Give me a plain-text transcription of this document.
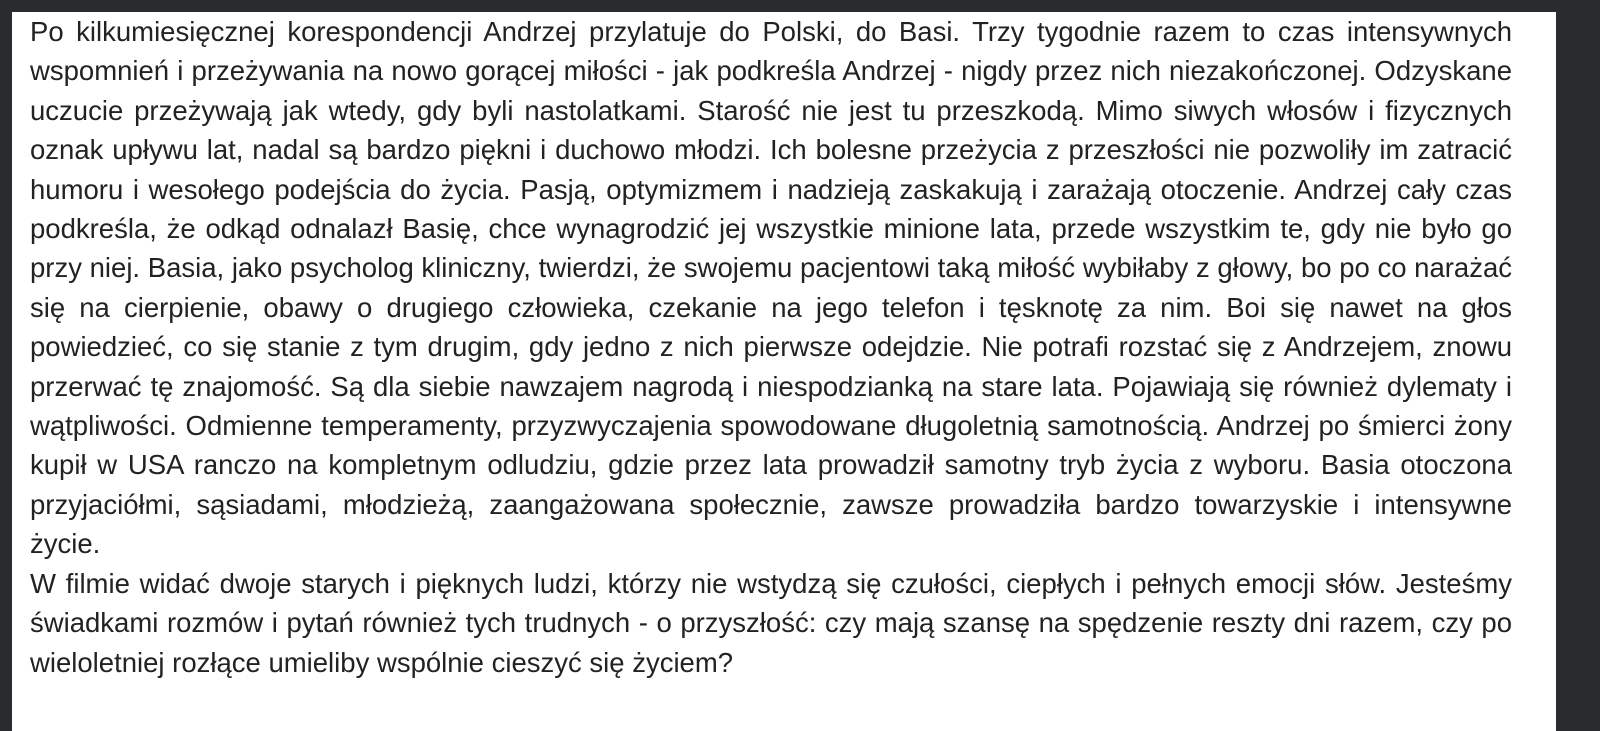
Po kilkumiesięcznej korespondencji Andrzej przylatuje do Polski, do Basi. Trzy tygodnie razem to czas intensywnych wspomnień i przeżywania na nowo gorącej miłości - jak podkreśla Andrzej - nigdy przez nich niezakończonej. Odzyskane uczucie przeżywają jak wtedy, gdy byli nastolatkami. Starość nie jest tu przeszkodą. Mimo siwych włosów i fizycznych oznak upływu lat, nadal są bardzo piękni i duchowo młodzi. Ich bolesne przeżycia z przeszłości nie pozwoliły im zatracić humoru i wesołego podejścia do życia. Pasją, optymizmem i nadzieją zaskakują i zarażają otoczenie. Andrzej cały czas podkreśla, że odkąd odnalazł Basię, chce wynagrodzić jej wszystkie minione lata, przede wszystkim te, gdy nie było go przy niej. Basia, jako psycholog kliniczny, twierdzi, że swojemu pacjentowi taką miłość wybiłaby z głowy, bo po co narażać się na cierpienie, obawy o drugiego człowieka, czekanie na jego telefon i tęsknotę za nim. Boi się nawet na głos powiedzieć, co się stanie z tym drugim, gdy jedno z nich pierwsze odejdzie. Nie potrafi rozstać się z Andrzejem, znowu przerwać tę znajomość. Są dla siebie nawzajem nagrodą i niespodzianką na stare lata. Pojawiają się również dylematy i wątpliwości. Odmienne temperamenty, przyzwyczajenia spowodowane długoletnią samotnością. Andrzej po śmierci żony kupił w USA ranczo na kompletnym odludziu, gdzie przez lata prowadził samotny tryb życia z wyboru. Basia otoczona przyjaciółmi, sąsiadami, młodzieżą, zaangażowana społecznie, zawsze prowadziła bardzo towarzyskie i intensywne życie.

W filmie widać dwoje starych i pięknych ludzi, którzy nie wstydzą się czułości, ciepłych i pełnych emocji słów. Jesteśmy świadkami rozmów i pytań również tych trudnych - o przyszłość: czy mają szansę na spędzenie reszty dni razem, czy po wieloletniej rozłące umieliby wspólnie cieszyć się życiem?
